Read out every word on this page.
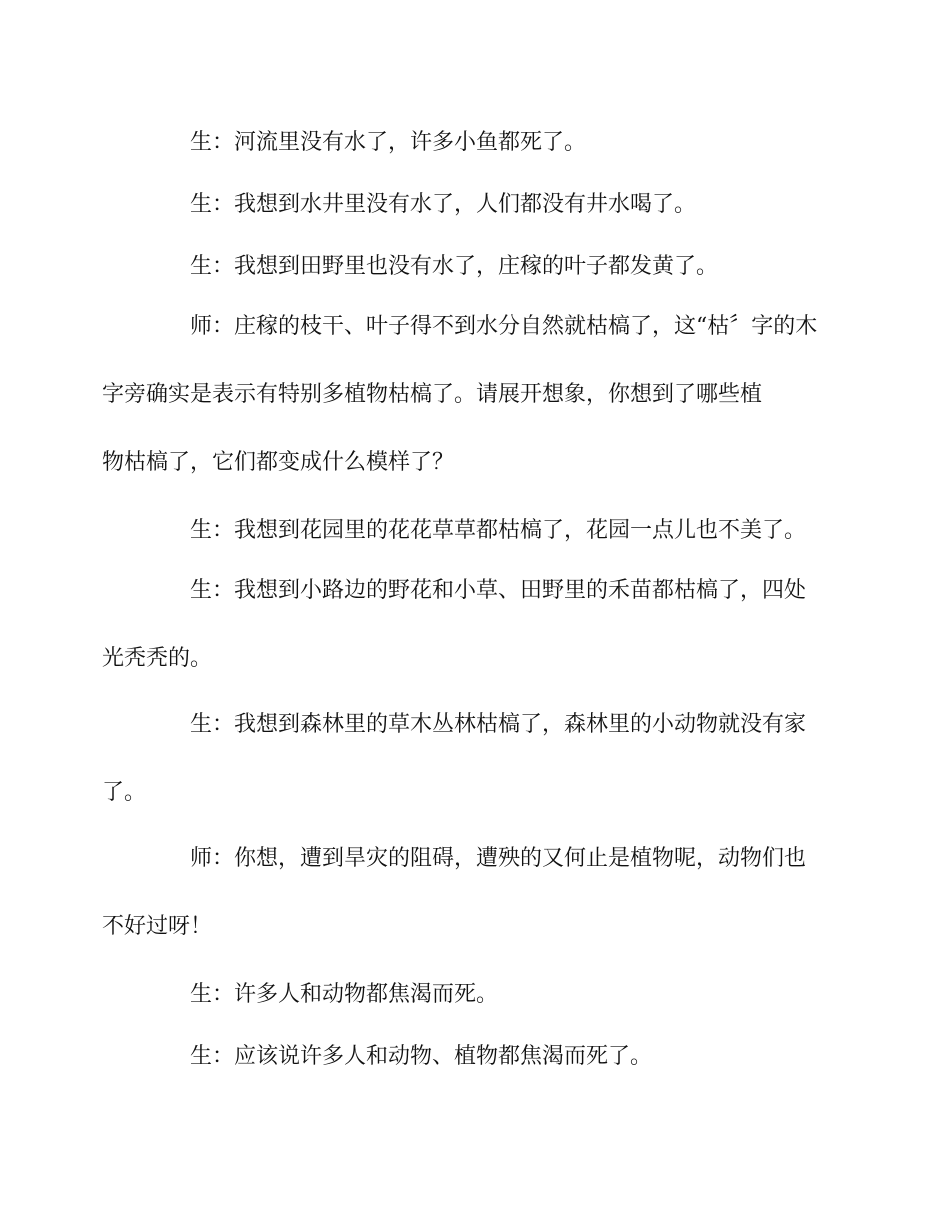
生：河流里没有水了，许多小鱼都死了。

生：我想到水井里没有水了，人们都没有井水喝了。

生：我想到田野里也没有水了，庄稼的叶子都发黄了。

师：庄稼的枝干、叶子得不到水分自然就枯槁了，这“枯〞字的木
字旁确实是表示有特别多植物枯槁了。请展开想象，你想到了哪些植
物枯槁了，它们都变成什么模样了？

生：我想到花园里的花花草草都枯槁了，花园一点儿也不美了。

生：我想到小路边的野花和小草、田野里的禾苗都枯槁了，四处
光秃秃的。

生：我想到森林里的草木丛林枯槁了，森林里的小动物就没有家
了。

师：你想，遭到旱灾的阻碍，遭殃的又何止是植物呢，动物们也
不好过呀！

生：许多人和动物都焦渴而死。

生：应该说许多人和动物、植物都焦渴而死了。
